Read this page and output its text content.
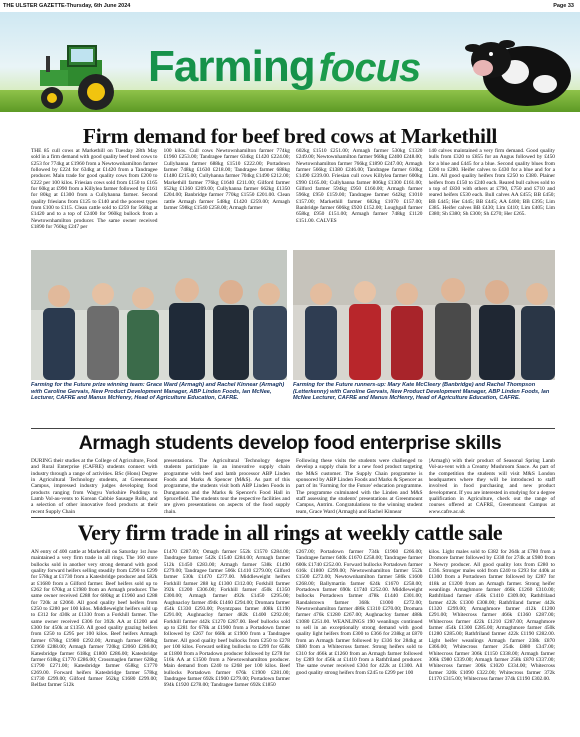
THE ULSTER GAZETTE-Thursday, 6th June 2024	Page 33
Farming focus
Firm demand for beef bred cows at Markethill
THE 85 cull cows at Markethill on Tuesday 28th May sold in a firm demand with good quality beef bred cows to £253 for 774kg at £1960 from a Newtownhamilton farmer followed by £224 for 634kg at £1420 from a Tandragee producer. Main trade for good quality cows from £200 to £222 per 100 kilos. Friesian cows sold from £150 to £165 for 60kg at £990 from a Killylea farmer followed by £161 for 80kg at £1300 from a Cullyhanna farmer. Second quality friesians from £125 to £140 and the poorest types from £100 to £115. Clean cattle sold to £259 for 568kg at £1420 and to a top of £2400 for 960kg bullock from a Newtownhamilton producer. The same owner received £1890 for 760kg £247 per
100 kilos. Cull cows Newtownhamilton farmer 774kg £1960 £253.00; Tandragee farmer 634kg £1420 £224.00; Cullyhanna farmer 688kg £1510 £222.00; Portadown farmer 748kg £1630 £218.00; Tandragee farmer 688kg £1480 £215.00; Cullyhanna farmer 704kg £1490 £212.00; Markethill farmer 776kg £1640 £211.00; Gilford farmer 652kg £1360 £209.00; Cullyhanna farmer 662kg £1350 £204.00; Banbridge farmer 770kg £1550 £201.00. Clean cattle Armagh farmer 548kg £1420 £259.00; Armagh farmer 598kg £1540 £258.00; Armagh farmer
602kg £1510 £251.00; Armagh farmer 530kg £1320 £249.00; Newtownhamilton farmer 968kg £2400 £248.00; Newtownhamilton farmer 766kg £1890 £247.00; Armagh farmer 566kg £1380 £246.00; Tandragee farmer 610kg £1490 £239.00. Friesian cull cows Killylea farmer 600kg £990 £165.00; Cullyhanna farmer 806kg £1300 £161.00; Gilford farmer 594kg £950 £160.00; Armagh farmer 596kg £950 £159.00; Tandragee farmer 642kg £1010 £157.00; Markethill farmer 682kg £1070 £157.00; Banbridge farmer 606kg £920 £152.00; Loughgall farmer 658kg £950 £151.00; Armagh farmer 748kg £1120 £151.00. CALVES
140 calves maintained a very firm demand. Good quality bulls from £320 to £855 for an Angus followed by £450 for a blue and £445 for a blue. Second quality blues from £200 to £280. Heifer calves to £430 for a blue and for a Lim. All good quality heifers from £250 to £380. Plainer heifers from £150 to £240 each. Reared bull calves sold to a top of £830 with others at £790, £750 and £710 and reared heifers £530 each. Bull calves AA £455; BB £450; BB £445; Her £445; BB £445; AA £400; BB £395; Lim £385. Heifer calves BB £430; Lim £410; Lim £405; Lim £380; Sh £380; Sh £300; Sh £270; Her £265.
Farming for the Future prize winning team: Grace Ward (Armagh) and Rachel Kinnear (Armagh) with Caroline Gervais, New Product Development Manager, ABP Linden Foods, Ian McNee, Lecturer, CAFRE and Manus McHenry, Head of Agriculture Education, CAFRE.
Farming for the Future runners-up: Mary Kate McCleery (Banbridge) and Rachel Thompson (Letterkenny) with Caroline Gervais, New Product Development Manager, ABP Linden Foods, Ian McNee Lecturer, CAFRE and Manus McHenry, Head of Agriculture Education, CAFRE.
Armagh students develop food enterprise skills
DURING their studies at the College of Agriculture, Food and Rural Enterprise (CAFRE) students connect with industry through a range of activities. BSc (Hons) Degree in Agricultural Technology students, at Greenmount Campus, impressed industry judges developing food products ranging from Wagyu Yorkshire Puddings to Lamb Vol-au-vents to Korean Cabbie Sausage Rolls, and a selection of other innovative food products at their recent Supply Chain
presentations. The Agricultural Technology degree students participate in an innovative supply chain programme with beef and lamb processor ABP Linden Foods and Marks & Spencer (M&S). As part of this programme, the students visit both ABP Linden Foods in Dungannon and the Marks & Spencer's Food Hall in Sprucefield. The students tour the respective facilities and are given presentations on aspects of the food supply chain.
Following these visits the students were challenged to develop a supply chain for a new food product targeting the M&S customer. The Supply Chain programme is sponsored by ABP Linden Foods and Marks & Spencer as part of its 'Farming for the Future' education programme. The programme culminated with the Linden and M&S staff assessing the students' presentations at Greenmount Campus, Antrim. Congratulations to the winning student team, Grace Ward (Armagh) and Rachel Kinnear
(Armagh) with their product of Seasonal Spring Lamb Vol-au-vent with a Creamy Mushroom Sauce. As part of the competition the students will visit M&S London headquarters where they will be introduced to staff involved in food purchasing and new product development. If you are interested in studying for a degree qualification in Agriculture, check out the range of courses offered at CAFRE, Greenmount Campus at www.cafre.ac.uk
Very firm trade in all rings at weekly cattle sale
AN entry of 400 cattle at Markethill on Saturday 1st June maintained a very firm trade in all rings. The 160 store bullocks sold in another very strong demand with good quality forward heifers selling steadily from £290 to £299 for 578kg at £1730 from a Katesbridge producer and 582k at £1680 from a Gilford farmer. Beef heifers sold up to £262 for 670kg at £1980 from an Armagh producer. The same owner received £288 for 680kg at £1960 and £288 for 720k at £2060. All good quality beef heifers from £250 to £280 per 100 kilos. Middleweight heifers sold up to £312 for 430k at £1330 from a Forkhill farmer. The same owner received £306 for 392k AA at £1200 and £300 for 450k at £1350. All good quality grazing heifers from £250 to £295 per 100 kilos. Beef heifers Armagh farmer 678kg £1980 £292.00; Armagh farmer 680kg £1960 £288.00; Armagh farmer 720kg £2060 £286.00; Katesbridge farmer 618kg £1800 £286.00; Katesbridge farmer 618kg £1770 £286.00; Crossmaglen farmer 628kg £1790 £271.00; Katesbridge farmer 658kg £1770 £269.00. Forward heifers Katesbridge farmer 578kg £1730 £299.00; Gilford farmer 562kg £1680 £299.00; Belfast farmer 512k
£1470 £287.00; Omagh farmer 552k £1570 £284.00; Tandragee farmer 542k £1540 £284.00; Armagh farmer 512k £1450 £283.00; Armagh farmer 538k £1490 £279.00; Tandragee farmer 506k £1410 £279.00; Gilford farmer 530k £1470 £277.00. Middleweight heifers Forkhill farmer 288 kg £1300 £312.00; Forkhill farmer 392k £1200 £306.00; Forkhill farmer 450k £1350 £300.00; Armagh farmer 492k £1450 £295.00; Aughnacloy farmer 494k £1460 £294.00; Dromara farmer 454k £1330 £293.00; Poyntzpass farmer 408k £1190 £291.00; Aughnacloy farmer 482k £1400 £292.00; Forkhill farmer 442k £1270 £287.00. Beef bullocks sold up to £281 for 678k at £1900 from a Portadown farmer followed by £267 for 668k at £1900 from a Tandragee farmer. All good quality beef bullocks from £250 to £278 per 100 kilos. Forward selling bullocks to £299 for 658k at £1800 from a Portadown producer followed by £278 for 516k AA at £1500 from a Newtownhamilton producer. Main demand from £240 to £268 per 100 kilos. Beef bullocks Portadown farmer 676k £1900 £281.00; Tandragee farmer 692k £1900 £279.00; Portadown farmer 694k £1920 £278.00; Tandragee farmer 692k £1850
£267.00; Portadown farmer 734k £1960 £266.00; Tandragee farmer 640k £1670 £258.00; Tandragee farmer 600k £1740 £252.00. Forward bullocks Portadown farmer 616k £1800 £299.00; Newtownhamilton farmer 552k £1500 £272.00; Newtownhamilton farmer 586k £1600 £268.00; Ballymartin farmer 624k £1670 £258.00; Portadown farmer 690k £1740 £252.00. Middleweight bullocks Portadown farmer 478k £1440 £301.00; Randalstown farmer 368k £1000 £272.00; Newtownhamilton farmer 486k £1310 £270.00; Dromara farmer 476k £1280 £267.00; Aughnacloy farmer 488k £1080 £251.00. WEANLINGS 190 weanlings continued to sell in an exceptionally strong demand with good quality light heifers from £300 to £366 for 238kg at £870 from an Armagh farmer followed by £336 for 284kg at £880 from a Whitecross farmer. Strong heifers sold to £310 for 466k at £1260 from an Armagh farmer followed by £289 for 456k at £1410 from a Rathfriland producer. The same owner received £304 for 422k at £1300. All good quality strong heifers from £245 to £299 per 100
kilos. Light males sold to £382 for 264k at £780 from a Dromore farmer followed by £338 for 274k at £980 from a Newry producer. All good quality lots from £280 to £336. Stronger males sold from £240 to £293 for 440k at £1300 from a Portadown farmer followed by £287 for 418k at £1200 from an Armagh farmer. Strong heifer weanlings Armaghmore farmer 466k £1260 £310.00; Rathfriland farmer 456k £1410 £309.00; Rathfriland farmer 422k £1300 £308.00; Rathfriland farmer 442k £1320 £299.00; Armaghmore farmer 412k £1200 £291.00; Whitecross farmer 466k £1360 £287.00; Whitecross farmer 422k £1210 £287.00; Armaghmore farmer 454k £1300 £285.00; Armaghmore farmer 450k £1280 £285.00; Rathfriland farmer 422k £1190 £282.00. Light heifer weanlings Armagh farmer 238k £870 £366.00; Whitecross farmer 254k £880 £347.00; Whitecross farmer 306k £1150 £338.00; Armagh farmer 306k £980 £339.00; Armagh farmer 258k £870 £337.00; Whitecross farmer 306k £1020 £334.00; Whitecross farmer 320k £1090 £322.00; Whitecross farmer 372k £1170 £315.00; Whitecross farmer 374k £1190 £302.00.
